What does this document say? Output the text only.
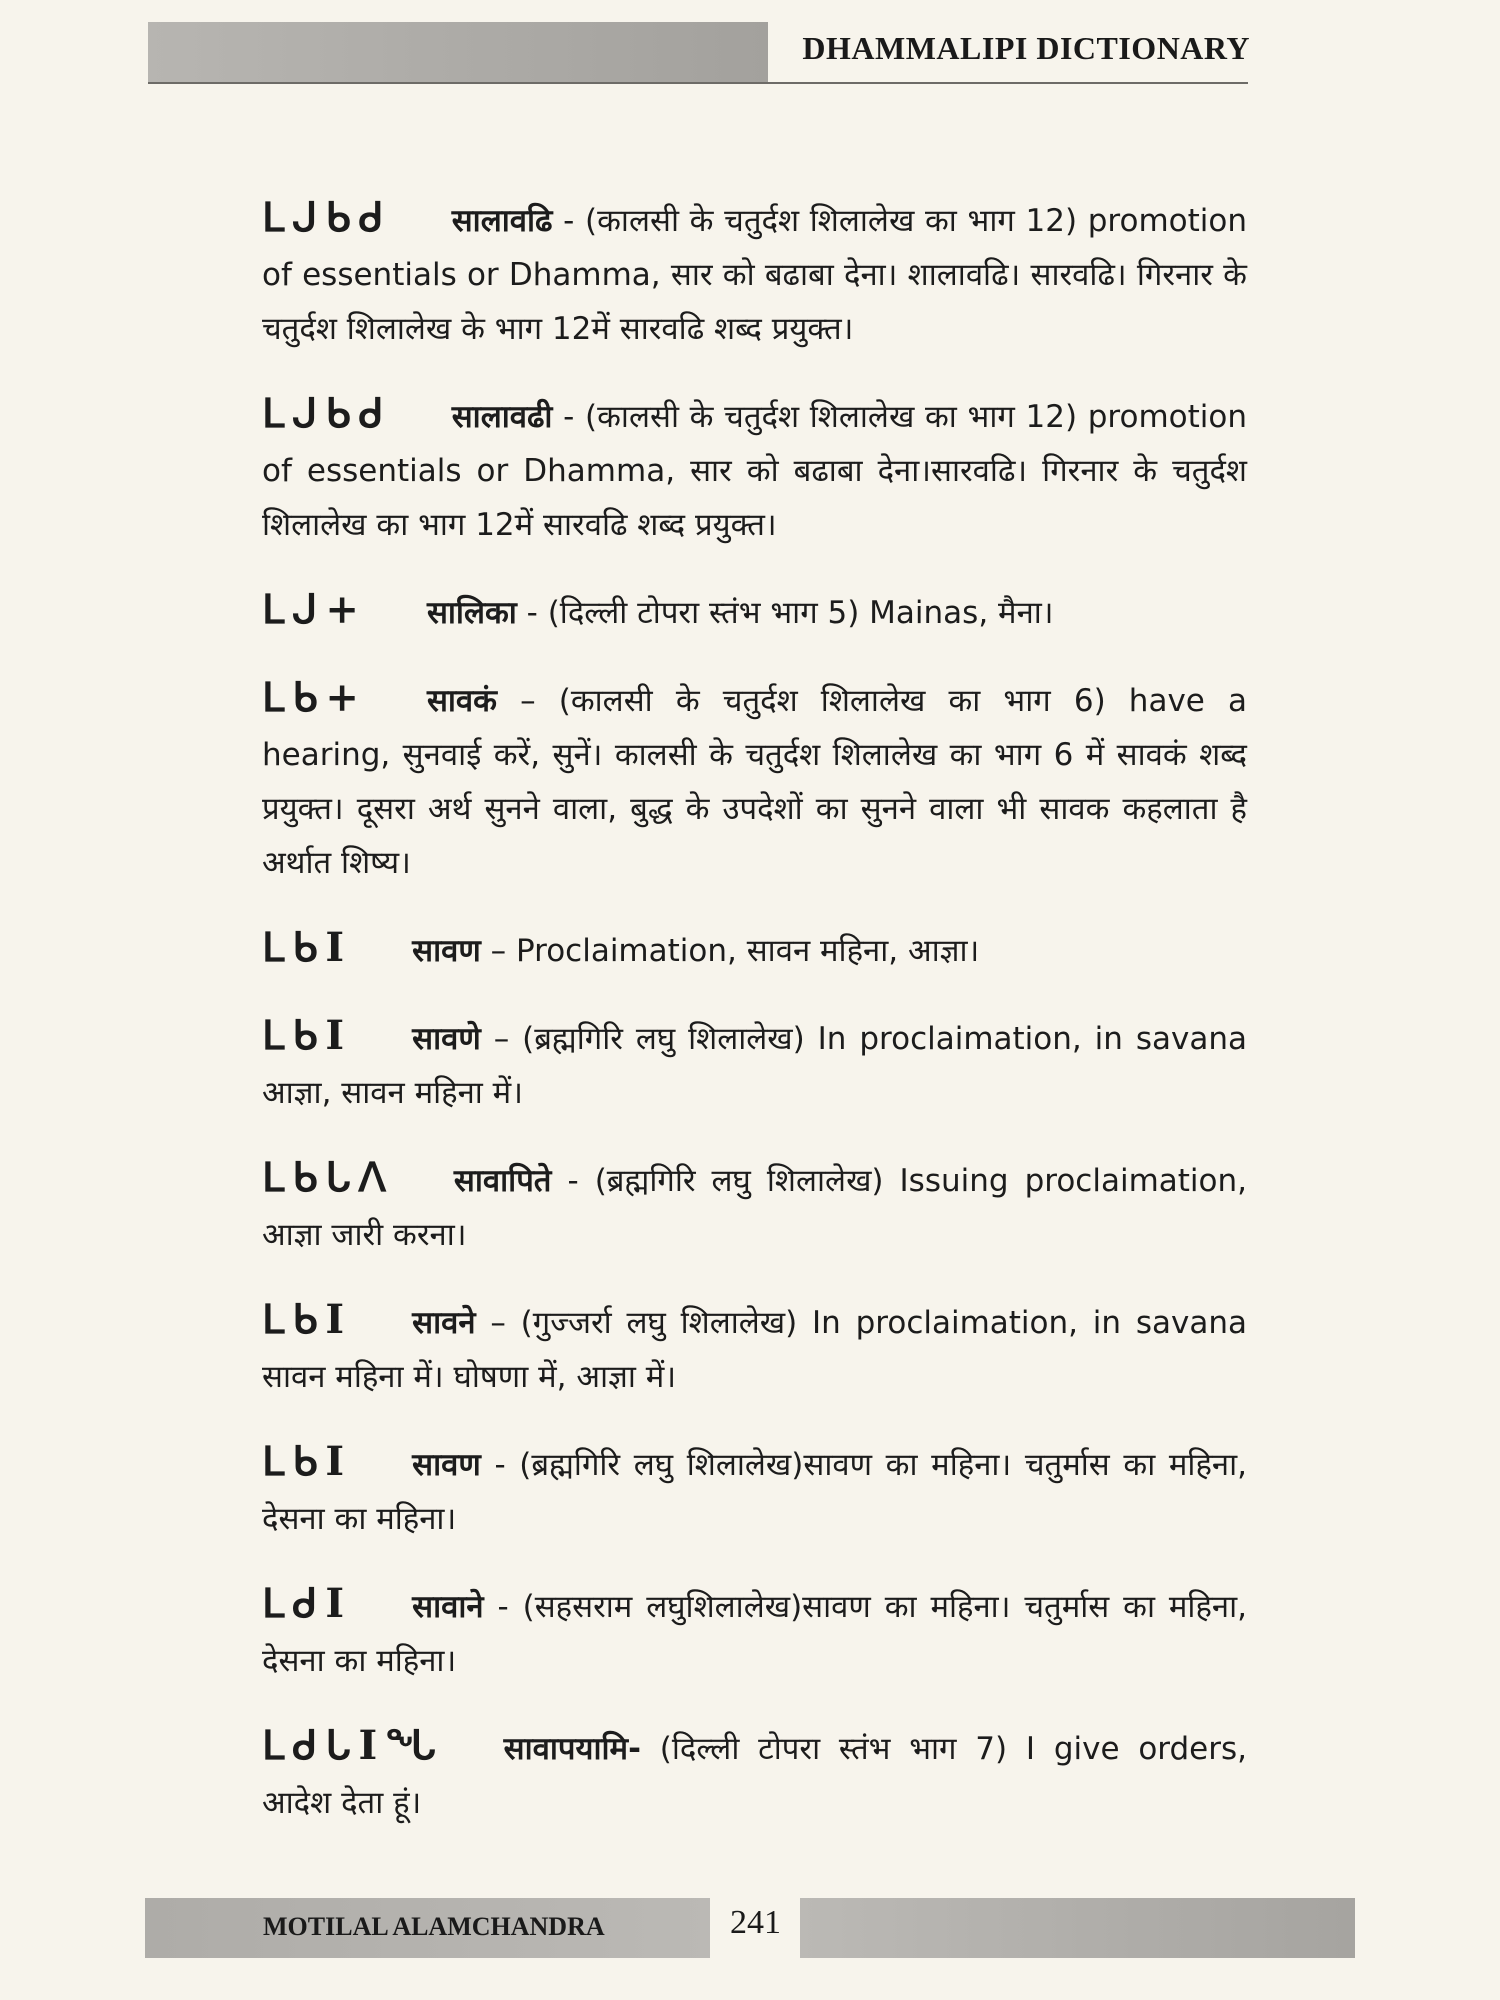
DHAMMALIPI DICTIONARY

ᒪᒍᑲᑯ सालावढि - (कालसी के चतुर्दश शिलालेख का भाग 12) promotion of essentials or Dhamma, सार को बढाबा देना। शालावढि। सारवढि। गिरनार के चतुर्दश शिलालेख के भाग 12में सारवढि शब्द प्रयुक्त।

ᒪᒍᑲᑯ सालावढी - (कालसी के चतुर्दश शिलालेख का भाग 12) promotion of essentials or Dhamma, सार को बढाबा देना।सारवढि। गिरनार के चतुर्दश शिलालेख का भाग 12में सारवढि शब्द प्रयुक्त।

ᒪᒍ+ सालिका - (दिल्ली टोपरा स्तंभ भाग 5) Mainas, मैना।

ᒪᑲ+ सावकं – (कालसी के चतुर्दश शिलालेख का भाग 6) have a hearing, सुनवाई करें, सुनें। कालसी के चतुर्दश शिलालेख का भाग 6 में सावकं शब्द प्रयुक्त। दूसरा अर्थ सुनने वाला, बुद्ध के उपदेशों का सुनने वाला भी सावक कहलाता है अर्थात शिष्य।

ᒪᑲI सावण – Proclaimation, सावन महिना, आज्ञा।

ᒪᑲI सावणे – (ब्रह्मगिरि लघु शिलालेख) In proclaimation, in savana आज्ञा, सावन महिना में।

ᒪᑲᒐᐱ सावापिते - (ब्रह्मगिरि लघु शिलालेख) Issuing proclaimation, आज्ञा जारी करना।

ᒪᑲI सावने – (गुज्जर्रा लघु शिलालेख) In proclaimation, in savana सावन महिना में। घोषणा में, आज्ञा में।

ᒪᑲI सावण - (ब्रह्मगिरि लघु शिलालेख)सावण का महिना। चतुर्मास का महिना, देसना का महिना।

ᒪᑯI सावाने - (सहसराम लघुशिलालेख)सावण का महिना। चतुर्मास का महिना, देसना का महिना।

ᒪᑯᒐIᖓ सावापयामि- (दिल्ली टोपरा स्तंभ भाग 7) I give orders, आदेश देता हूं।

MOTILAL ALAMCHANDRA	241
